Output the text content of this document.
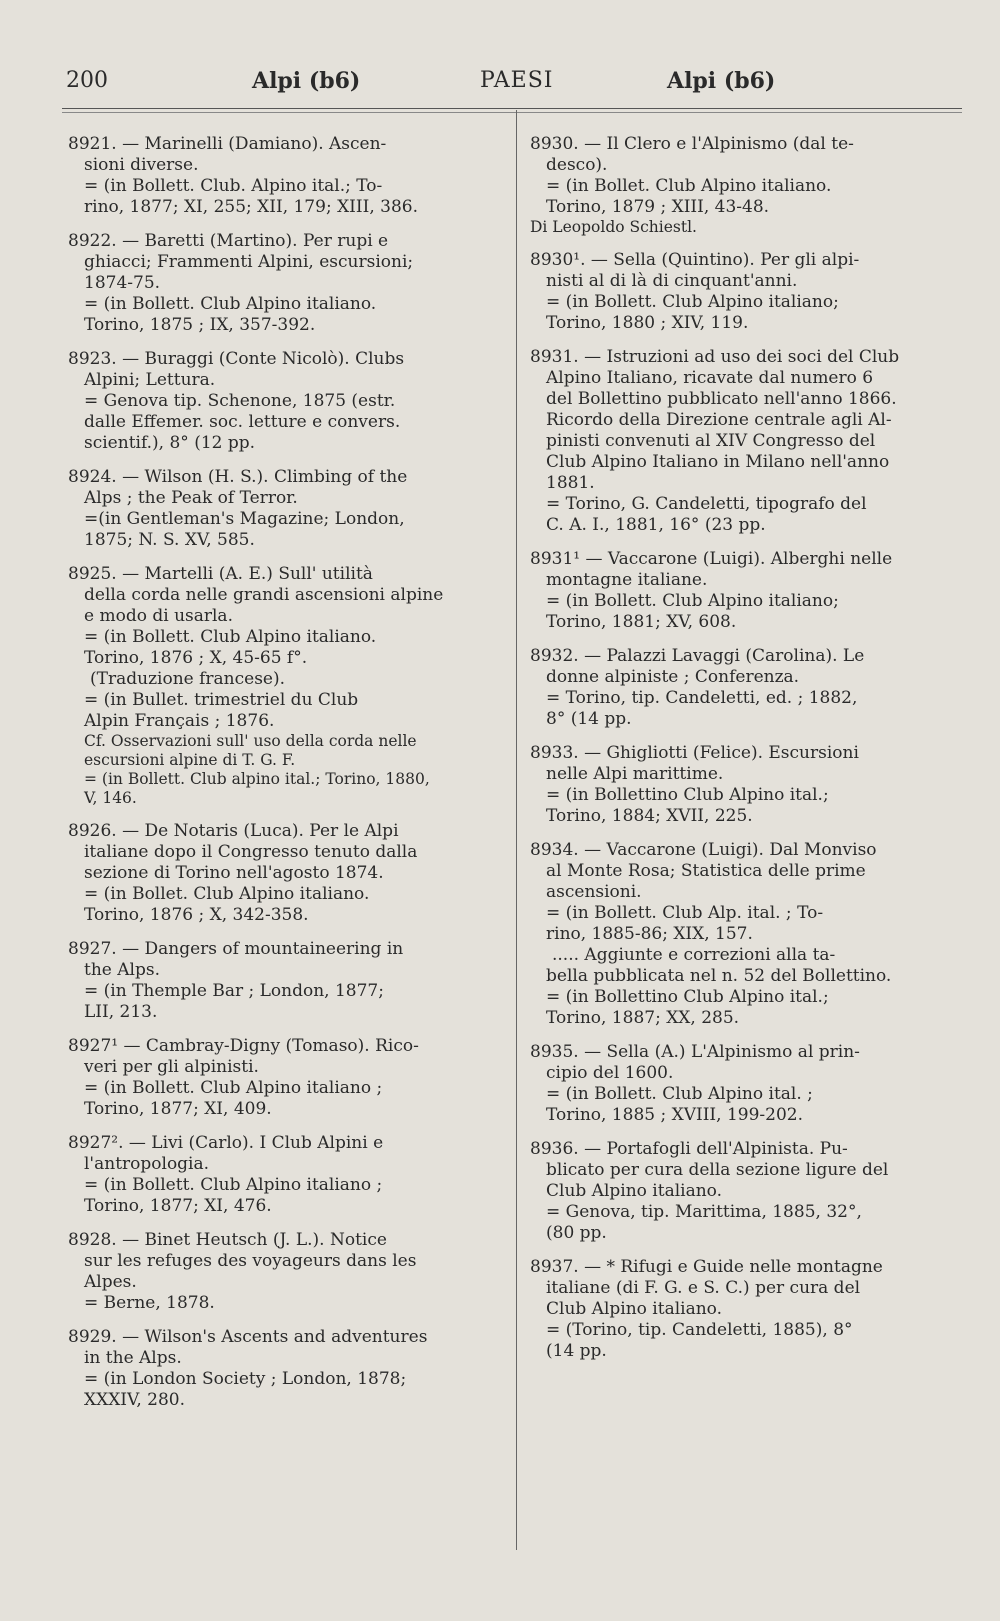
200	Alpi (b6)	PAESI	Alpi (b6)
8921. — Marinelli (Damiano). Ascen-
sioni diverse.
= (in Bollett. Club. Alpino ital.; To-
rino, 1877; XI, 255; XII, 179; XIII, 386.
8922. — Baretti (Martino). Per rupi e
ghiacci; Frammenti Alpini, escursioni;
1874-75.
= (in Bollett. Club Alpino italiano.
Torino, 1875 ; IX, 357-392.
8923. — Buraggi (Conte Nicolò). Clubs
Alpini; Lettura.
= Genova tip. Schenone, 1875 (estr.
dalle Effemer. soc. letture e convers.
scientif.), 8° (12 pp.
8924. — Wilson (H. S.). Climbing of the
Alps ; the Peak of Terror.
=(in Gentleman's Magazine; London,
1875; N. S. XV, 585.
8925. — Martelli (A. E.) Sull' utilità
della corda nelle grandi ascensioni alpine
e modo di usarla.
= (in Bollett. Club Alpino italiano.
Torino, 1876 ; X, 45-65 f°.
(Traduzione francese).
= (in Bullet. trimestriel du Club
Alpin Français ; 1876.
Cf. Osservazioni sull' uso della corda nelle
escursioni alpine di T. G. F.
= (in Bollett. Club alpino ital.; Torino, 1880,
V, 146.
8926. — De Notaris (Luca). Per le Alpi
italiane dopo il Congresso tenuto dalla
sezione di Torino nell'agosto 1874.
= (in Bollet. Club Alpino italiano.
Torino, 1876 ; X, 342-358.
8927. — Dangers of mountaineering in
the Alps.
= (in Themple Bar ; London, 1877;
LII, 213.
8927¹ — Cambray-Digny (Tomaso). Rico-
veri per gli alpinisti.
= (in Bollett. Club Alpino italiano ;
Torino, 1877; XI, 409.
8927². — Livi (Carlo). I Club Alpini e
l'antropologia.
= (in Bollett. Club Alpino italiano ;
Torino, 1877; XI, 476.
8928. — Binet Heutsch (J. L.). Notice
sur les refuges des voyageurs dans les
Alpes.
= Berne, 1878.
8929. — Wilson's Ascents and adventures
in the Alps.
= (in London Society ; London, 1878;
XXXIV, 280.
8930. — Il Clero e l'Alpinismo (dal te-
desco).
= (in Bollet. Club Alpino italiano.
Torino, 1879 ; XIII, 43-48.
Di Leopoldo Schiestl.
8930¹. — Sella (Quintino). Per gli alpi-
nisti al di là di cinquant'anni.
= (in Bollett. Club Alpino italiano;
Torino, 1880 ; XIV, 119.
8931. — Istruzioni ad uso dei soci del Club
Alpino Italiano, ricavate dal numero 6
del Bollettino pubblicato nell'anno 1866.
Ricordo della Direzione centrale agli Al-
pinisti convenuti al XIV Congresso del
Club Alpino Italiano in Milano nell'anno
1881.
= Torino, G. Candeletti, tipografo del
C. A. I., 1881, 16° (23 pp.
8931¹ — Vaccarone (Luigi). Alberghi nelle
montagne italiane.
= (in Bollett. Club Alpino italiano;
Torino, 1881; XV, 608.
8932. — Palazzi Lavaggi (Carolina). Le
donne alpiniste ; Conferenza.
= Torino, tip. Candeletti, ed. ; 1882,
8° (14 pp.
8933. — Ghigliotti (Felice). Escursioni
nelle Alpi marittime.
= (in Bollettino Club Alpino ital.;
Torino, 1884; XVII, 225.
8934. — Vaccarone (Luigi). Dal Monviso
al Monte Rosa; Statistica delle prime
ascensioni.
= (in Bollett. Club Alp. ital. ; To-
rino, 1885-86; XIX, 157.
..... Aggiunte e correzioni alla ta-
bella pubblicata nel n. 52 del Bollettino.
= (in Bollettino Club Alpino ital.;
Torino, 1887; XX, 285.
8935. — Sella (A.) L'Alpinismo al prin-
cipio del 1600.
= (in Bollett. Club Alpino ital. ;
Torino, 1885 ; XVIII, 199-202.
8936. — Portafogli dell'Alpinista. Pu-
blicato per cura della sezione ligure del
Club Alpino italiano.
= Genova, tip. Marittima, 1885, 32°,
(80 pp.
8937. — * Rifugi e Guide nelle montagne
italiane (di F. G. e S. C.) per cura del
Club Alpino italiano.
= (Torino, tip. Candeletti, 1885), 8°
(14 pp.
